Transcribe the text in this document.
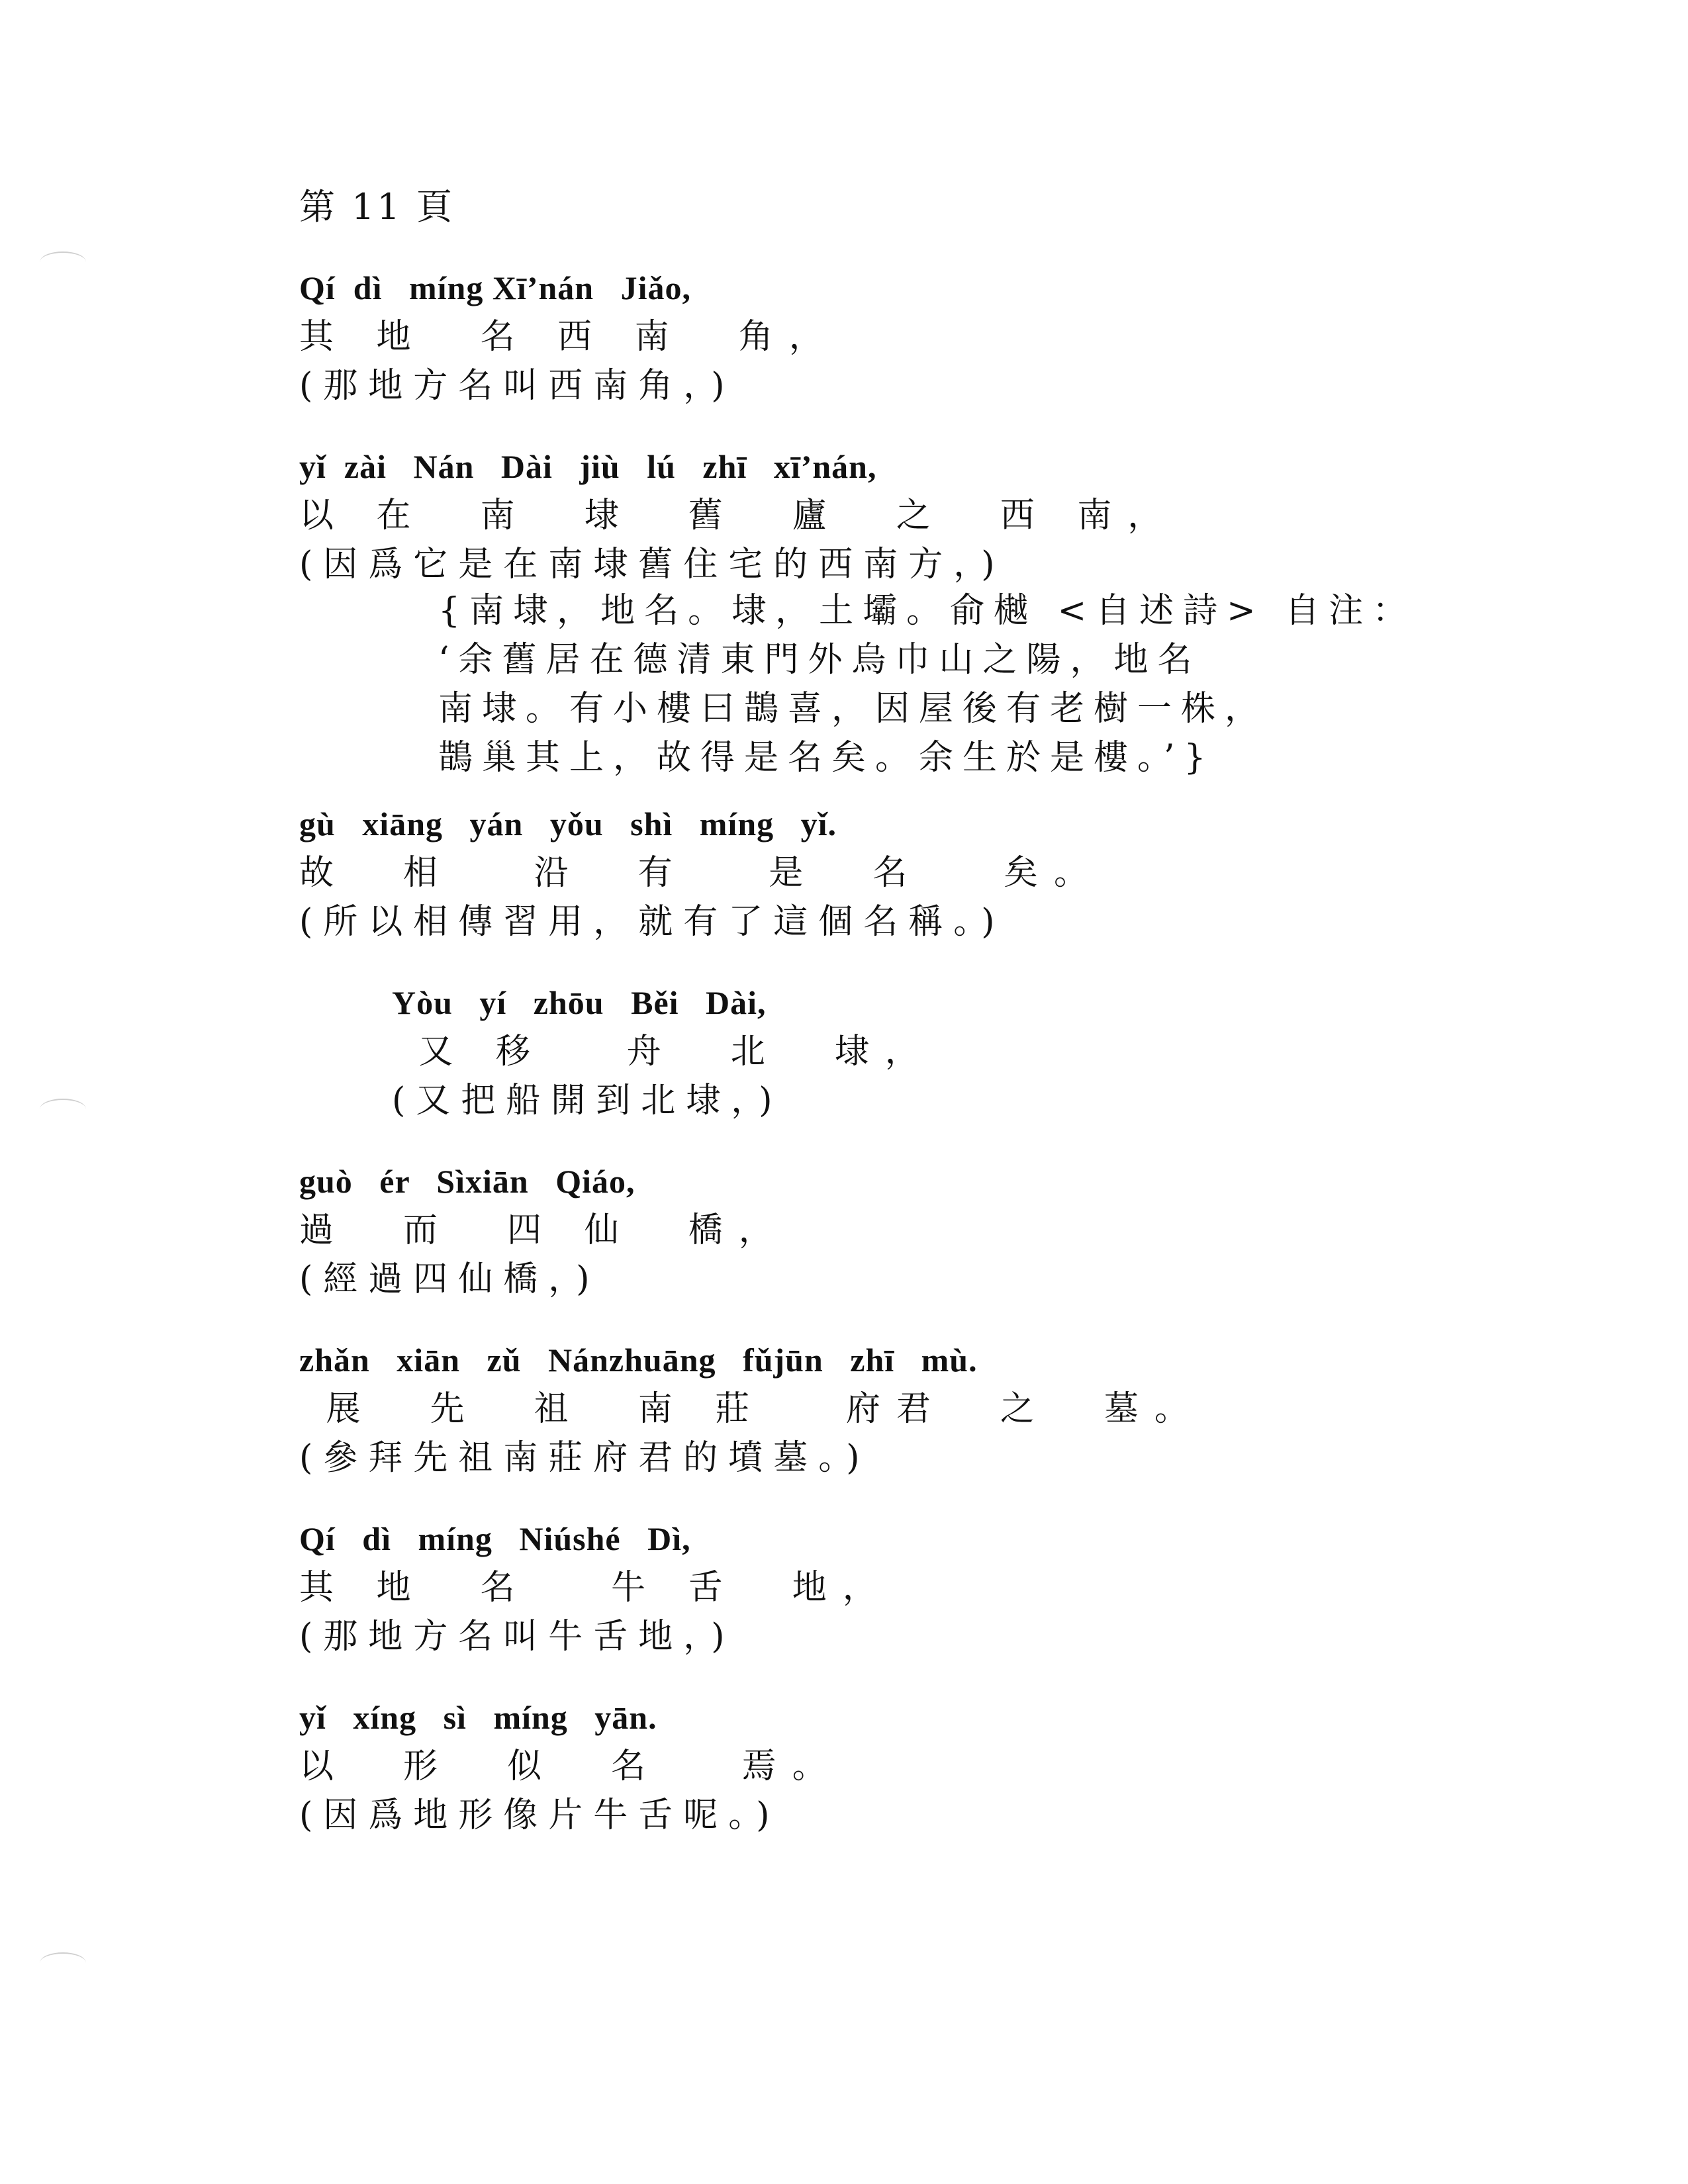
第 11 頁
Qí  dì   míng Xī’nán   Jiǎo,
其 地  名 西 南  角，
(那地方名叫西南角，)
yǐ  zài   Nán   Dài   jiù   lú   zhī   xī’nán,
以 在  南  埭  舊  廬  之  西 南，
(因爲它是在南埭舊住宅的西南方，)
{南埭，地名。埭，土壩。俞樾 <自述詩> 自注：
‘余舊居在德清東門外烏巾山之陽，地名
南埭。有小樓曰鵲喜，因屋後有老樹一株，
鵲巢其上，故得是名矣。余生於是樓。’}
gù   xiāng   yán   yǒu   shì   míng   yǐ.
故  相   沿  有   是  名   矣。
(所以相傳習用，就有了這個名稱。)
Yòu   yí   zhōu   Běi   Dài,
又 移   舟  北  埭，
(又把船開到北埭，)
guò   ér   Sìxiān   Qiáo,
過  而  四 仙  橋，
(經過四仙橋，)
zhǎn   xiān   zǔ   Nánzhuāng   fǔjūn   zhī   mù.
展  先  祖  南 莊   府君  之  墓。
(參拜先祖南莊府君的墳墓。)
Qí   dì   míng   Niúshé   Dì,
其 地  名   牛 舌  地，
(那地方名叫牛舌地，)
yǐ   xíng   sì   míng   yān.
以  形  似  名   焉。
(因爲地形像片牛舌呢。)
